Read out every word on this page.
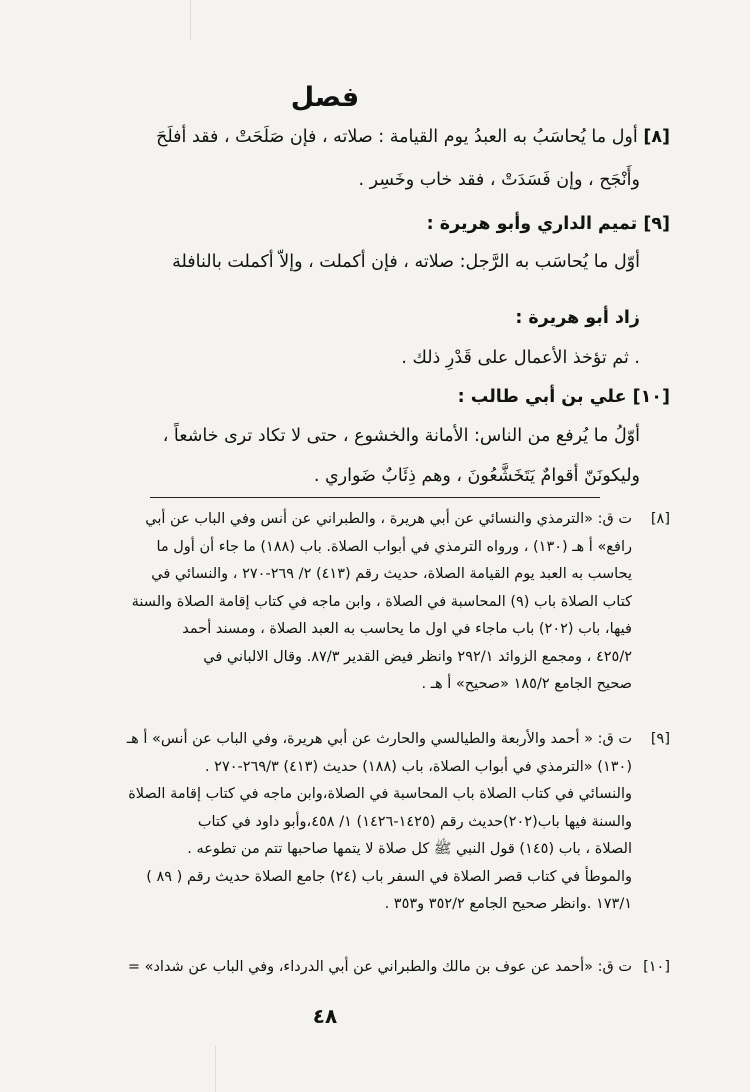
فصل
[٨] أول ما يُحاسَبُ به العبدُ يوم القيامة : صلاته ، فإن صَلَحَتْ ، فقد أفلَحَ
وأَنْجَح ، وإن فَسَدَتْ ، فقد خاب وخَسِر .
[٩] تميم الداري وأبو هريرة :
أوّل ما يُحاسَب به الرَّجل: صلاته ، فإن أكملت ، وإلاّ أكملت بالنافلة
زاد أبو هريرة :
. ثم تؤخذ الأعمال على قَدْرِ ذلك .
[١٠] علي بن أبي طالب :
أوّلُ ما يُرفع من الناس: الأمانة والخشوع ، حتى لا تكاد ترى خاشعاً ،
وليكونَنّ أقوامٌ يَتَخَشَّعُونَ ، وهم ذِئَابٌ ضَواري .
[٨]
ت ق: «الترمذي والنسائي عن أبي هريرة ، والطبراني عن أنس وفي الباب عن أبي
رافع» أ هـ (١٣٠) ، ورواه الترمذي في أبواب الصلاة. باب (١٨٨) ما جاء أن أول ما
يحاسب به العبد يوم القيامة الصلاة، حديث رقم (٤١٣) ٢/ ٢٦٩-٢٧٠ ، والنسائي في
كتاب الصلاة باب (٩) المحاسبة في الصلاة ، وابن ماجه في كتاب إقامة الصلاة والسنة
فيها، باب (٢٠٢) باب ماجاء في اول ما يحاسب به العبد الصلاة ، ومسند أحمد
٤٢٥/٢ ، ومجمع الزوائد ٢٩٢/١ وانظر فيض القدير ٨٧/٣. وقال الالباني في
صحيح الجامع ١٨٥/٢ «صحيح» أ هـ .
[٩]
ت ق: « أحمد والأربعة والطيالسي والحارث عن أبي هريرة، وفي الباب عن أنس» أ هـ
(١٣٠) «الترمذي في أبواب الصلاة، باب (١٨٨) حديث (٤١٣) ٢٦٩/٣-٢٧٠ .
والنسائي في كتاب الصلاة باب المحاسبة في الصلاة،وابن ماجه في كتاب إقامة الصلاة
والسنة فيها باب(٢٠٢)حديث رقم (١٤٢٥-١٤٢٦) ١/ ٤٥٨،وأبو داود في كتاب
الصلاة ، باب (١٤٥) قول النبي ﷺ كل صلاة لا يتمها صاحبها تتم من تطوعه .
والموطأ في كتاب قصر الصلاة في السفر باب (٢٤) جامع الصلاة حديث رقم ( ٨٩ )
١٧٣/١ .وانظر صحيح الجامع ٣٥٢/٢ و٣٥٣ .
[١٠]
ت ق: «أحمد عن عوف بن مالك والطبراني عن أبي الدرداء، وفي الباب عن شداد» =
٤٨
